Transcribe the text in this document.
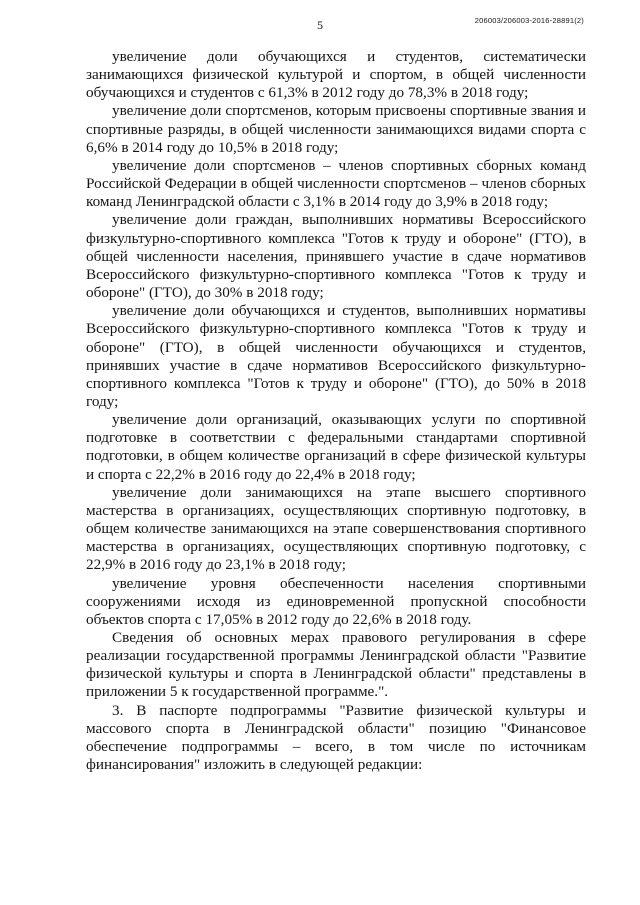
5	206003/206003-2016-28891(2)

увеличение доли обучающихся и студентов, систематически занимающихся физической культурой и спортом, в общей численности обучающихся и студентов с 61,3% в 2012 году до 78,3% в 2018 году;

увеличение доли спортсменов, которым присвоены спортивные звания и спортивные разряды, в общей численности занимающихся видами спорта с 6,6% в 2014 году до 10,5% в 2018 году;

увеличение доли спортсменов – членов спортивных сборных команд Российской Федерации в общей численности спортсменов – членов сборных команд Ленинградской области с 3,1% в 2014 году до 3,9% в 2018 году;

увеличение доли граждан, выполнивших нормативы Всероссийского физкультурно-спортивного комплекса "Готов к труду и обороне" (ГТО), в общей численности населения, принявшего участие в сдаче нормативов Всероссийского физкультурно-спортивного комплекса "Готов к труду и обороне" (ГТО), до 30% в 2018 году;

увеличение доли обучающихся и студентов, выполнивших нормативы Всероссийского физкультурно-спортивного комплекса "Готов к труду и обороне" (ГТО), в общей численности обучающихся и студентов, принявших участие в сдаче нормативов Всероссийского физкультурно-спортивного комплекса "Готов к труду и обороне" (ГТО), до 50% в 2018 году;

увеличение доли организаций, оказывающих услуги по спортивной подготовке в соответствии с федеральными стандартами спортивной подготовки, в общем количестве организаций в сфере физической культуры и спорта с 22,2% в 2016 году до 22,4% в 2018 году;

увеличение доли занимающихся на этапе высшего спортивного мастерства в организациях, осуществляющих спортивную подготовку, в общем количестве занимающихся на этапе совершенствования спортивного мастерства в организациях, осуществляющих спортивную подготовку, с 22,9% в 2016 году до 23,1% в 2018 году;

увеличение уровня обеспеченности населения спортивными сооружениями исходя из единовременной пропускной способности объектов спорта с 17,05% в 2012 году до 22,6% в 2018 году.

Сведения об основных мерах правового регулирования в сфере реализации государственной программы Ленинградской области "Развитие физической культуры и спорта в Ленинградской области" представлены в приложении 5 к государственной программе.".

3. В паспорте подпрограммы "Развитие физической культуры и массового спорта в Ленинградской области" позицию "Финансовое обеспечение подпрограммы – всего, в том числе по источникам финансирования" изложить в следующей редакции:
